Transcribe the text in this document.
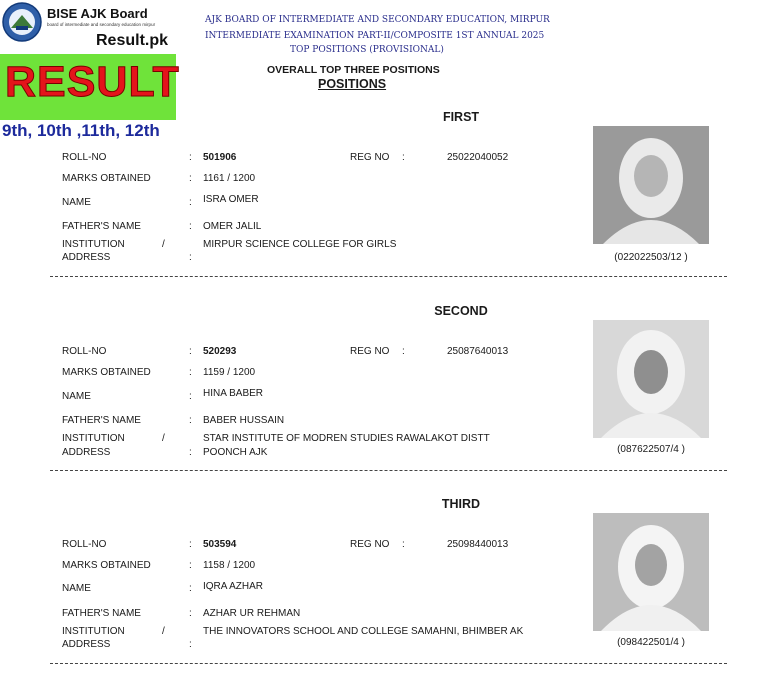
BISE AJK Board
board of intermediate and secondary education mirpur
Result.pk
RESULT
9th, 10th ,11th, 12th
AJK BOARD OF INTERMEDIATE AND SECONDARY EDUCATION, MIRPUR
INTERMEDIATE EXAMINATION PART-II/COMPOSITE 1ST ANNUAL 2025
TOP POSITIONS (PROVISIONAL)
OVERALL TOP THREE POSITIONS
POSITIONS
FIRST
ROLL-NO	: 501906	REG NO :	25022040052
MARKS OBTAINED	: 1161 / 1200
NAME	: ISRA OMER
FATHER'S NAME	: OMER JALIL
INSTITUTION	/	MIRPUR SCIENCE COLLEGE FOR GIRLS
ADDRESS	:	(022022503/12 )
SECOND
ROLL-NO	: 520293	REG NO :	25087640013
MARKS OBTAINED	: 1159 / 1200
NAME	: HINA BABER
FATHER'S NAME	: BABER HUSSAIN
INSTITUTION	/	STAR INSTITUTE OF MODREN STUDIES RAWALAKOT DISTT
ADDRESS	: POONCH AJK	(087622507/4 )
THIRD
ROLL-NO	: 503594	REG NO :	25098440013
MARKS OBTAINED	: 1158 / 1200
NAME	: IQRA AZHAR
FATHER'S NAME	: AZHAR UR REHMAN
INSTITUTION	/	THE INNOVATORS SCHOOL AND COLLEGE SAMAHNI, BHIMBER AK
ADDRESS	:	(098422501/4 )
